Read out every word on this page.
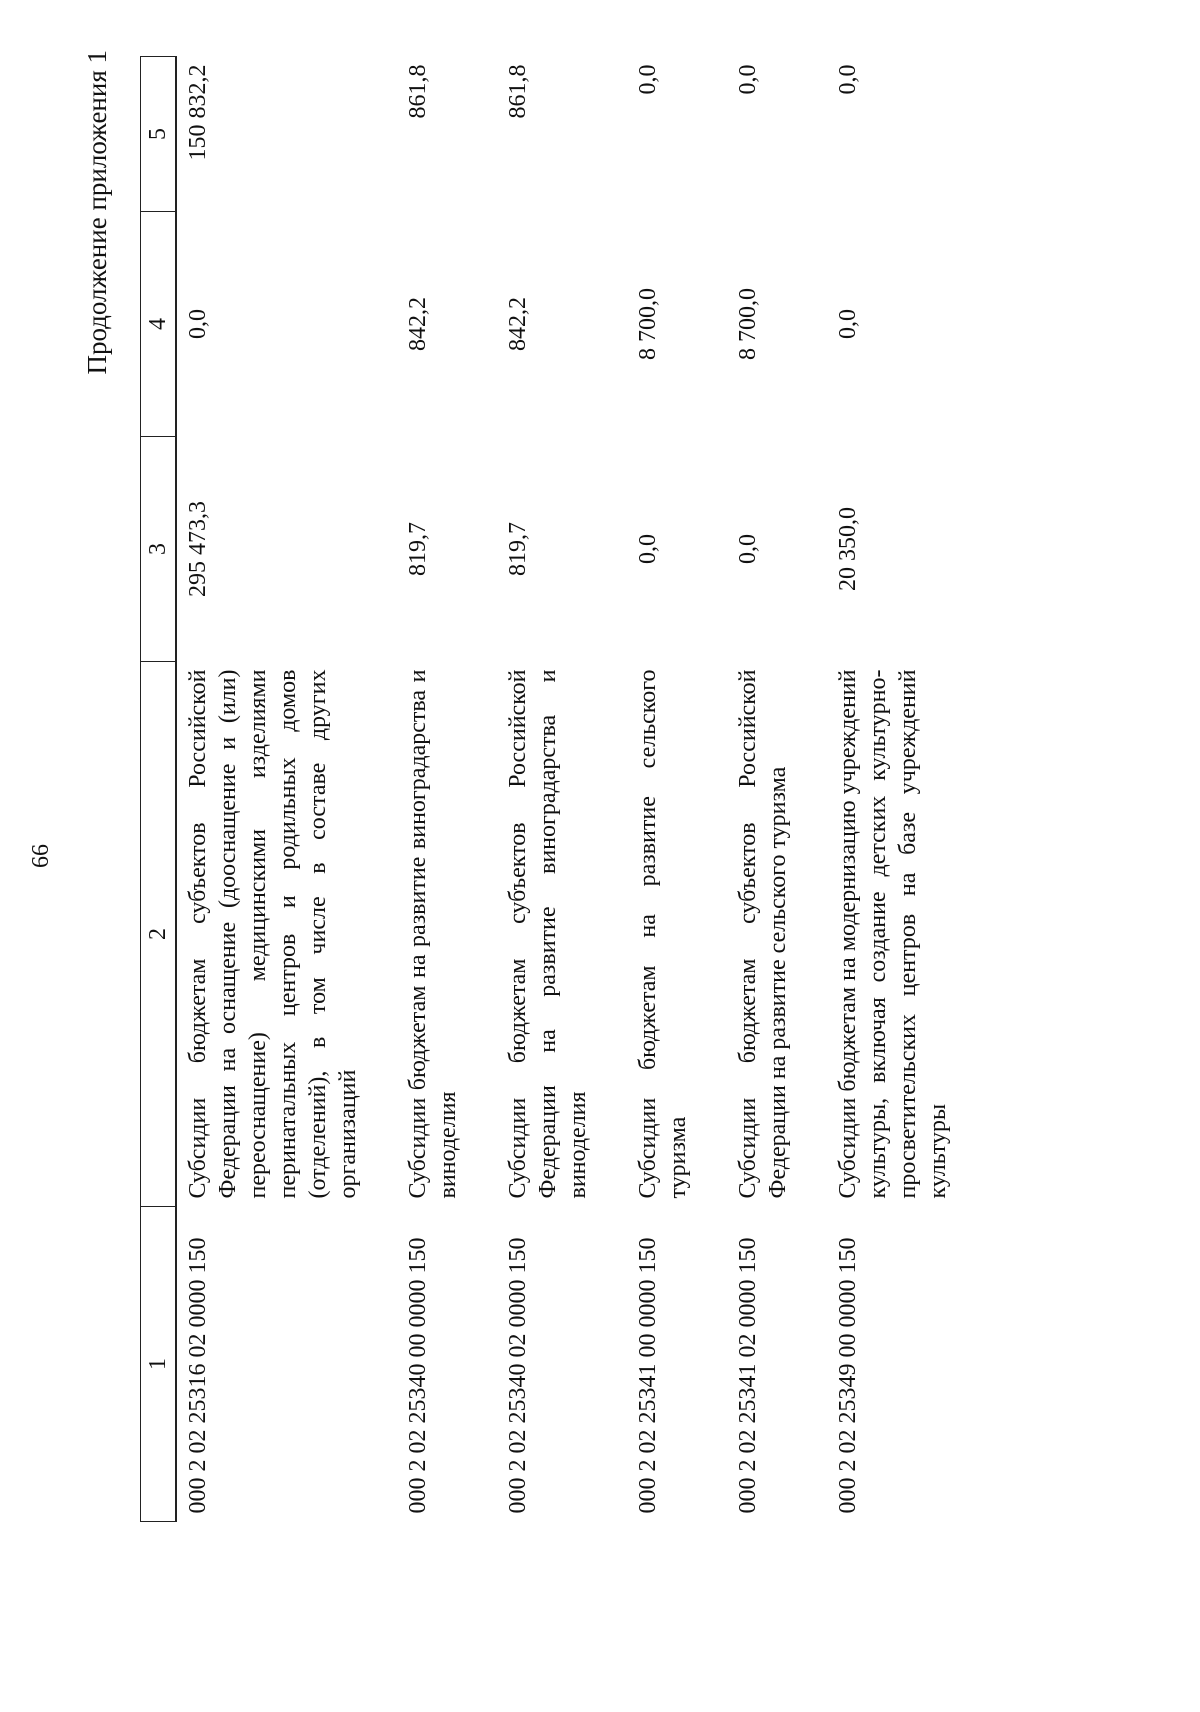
66
Продолжение приложения 1
1	2	3	4	5
000 2 02 25316 02 0000 150	Субсидии бюджетам субъектов Российской Федерации на оснащение (дооснащение и (или) переоснащение) медицинскими изделиями перинатальных центров и родильных домов (отделений), в том числе в составе других организаций	295 473,3	0,0	150 832,2
000 2 02 25340 00 0000 150	Субсидии бюджетам на развитие виноградарства и виноделия	819,7	842,2	861,8
000 2 02 25340 02 0000 150	Субсидии бюджетам субъектов Российской Федерации на развитие виноградарства и виноделия	819,7	842,2	861,8
000 2 02 25341 00 0000 150	Субсидии бюджетам на развитие сельского туризма	0,0	8 700,0	0,0
000 2 02 25341 02 0000 150	Субсидии бюджетам субъектов Российской Федерации на развитие сельского туризма	0,0	8 700,0	0,0
000 2 02 25349 00 0000 150	Субсидии бюджетам на модернизацию учреждений культуры, включая создание детских культурно-просветительских центров на базе учреждений культуры	20 350,0	0,0	0,0
